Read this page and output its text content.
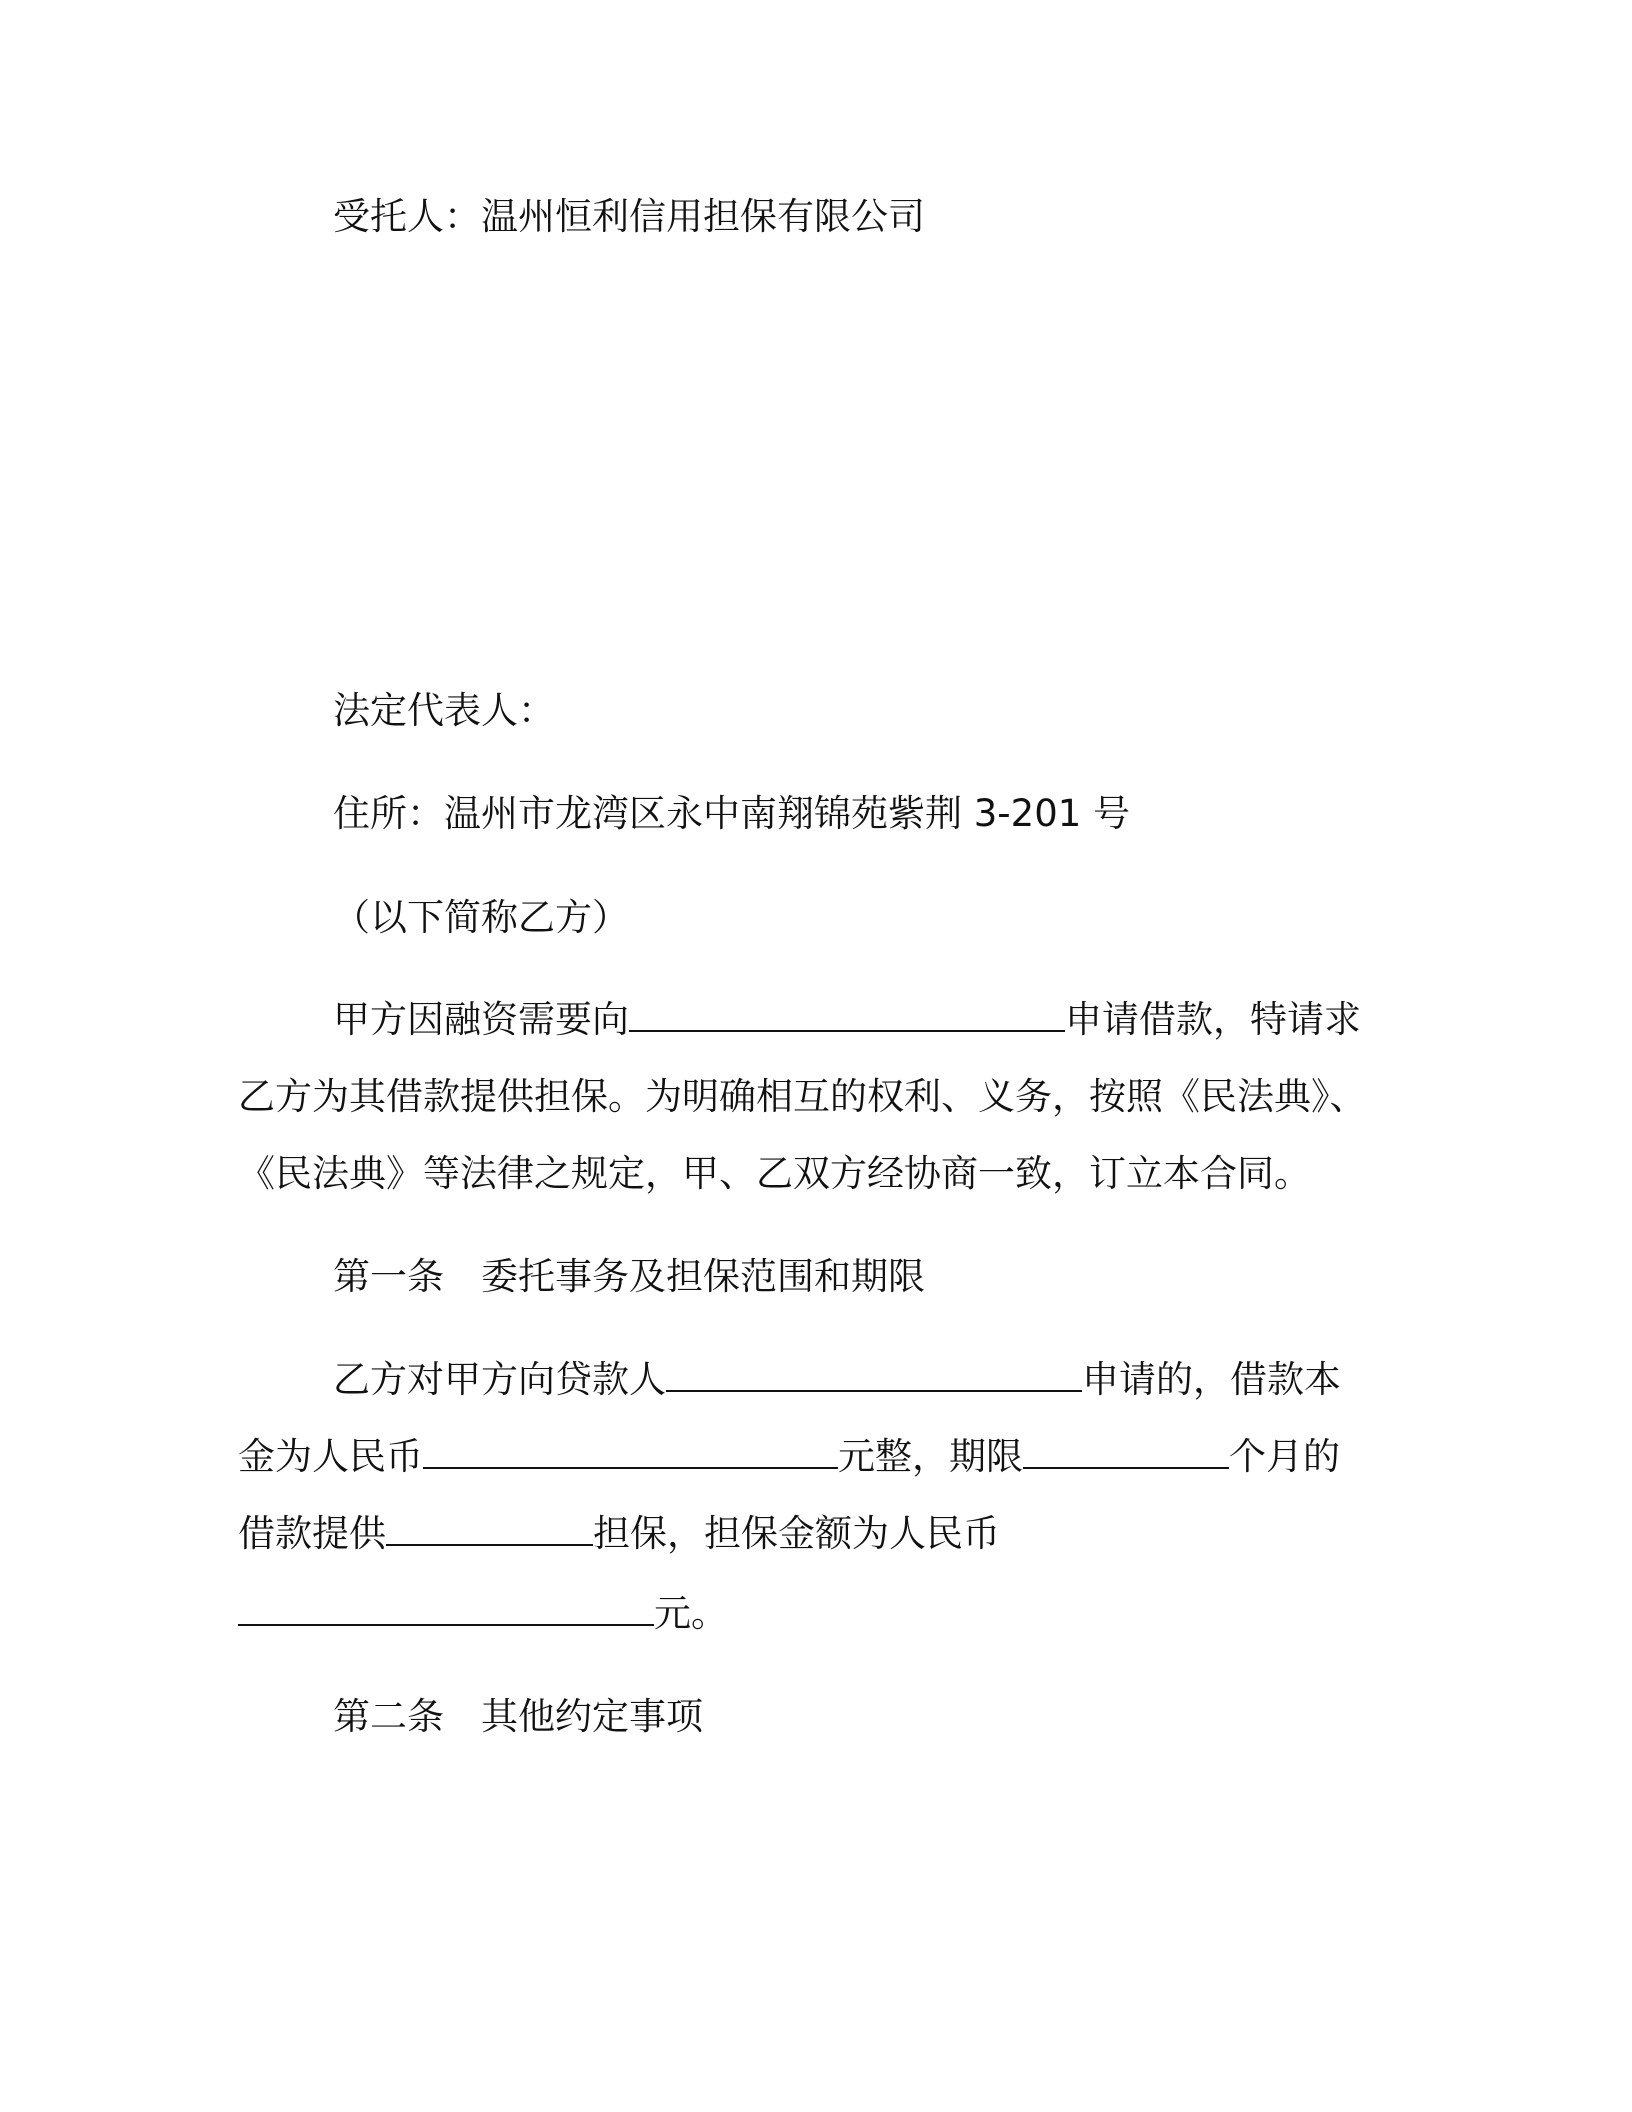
受托人：温州恒利信用担保有限公司
法定代表人：
住所：温州市龙湾区永中南翔锦苑紫荆 3-201 号
（以下简称乙方）
甲方因融资需要向	申请借款，特请求
乙方为其借款提供担保。为明确相互的权利、义务，按照《民法典》、
《民法典》等法律之规定，甲、乙双方经协商一致，订立本合同。
第一条　委托事务及担保范围和期限
乙方对甲方向贷款人	申请的，借款本
金为人民币	元整，期限	个月的
借款提供	担保，担保金额为人民币
元。
第二条　其他约定事项
